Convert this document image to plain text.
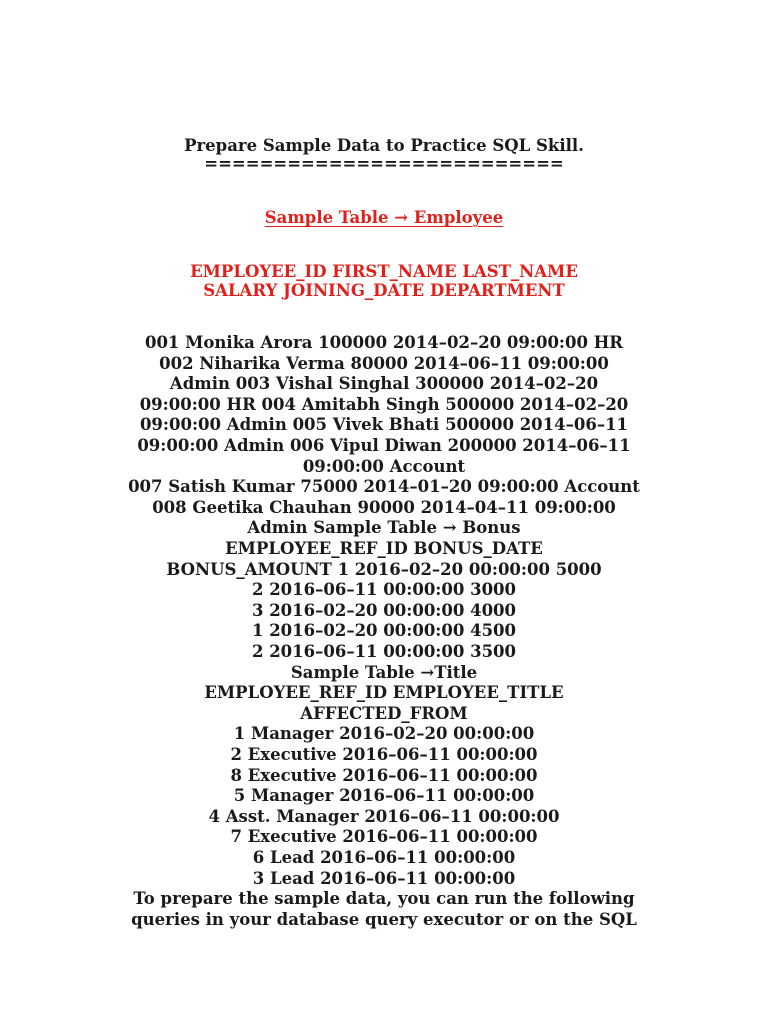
Prepare Sample Data to Practice SQL Skill.
==========================
Sample Table → Employee
EMPLOYEE_ID FIRST_NAME LAST_NAME
SALARY JOINING_DATE DEPARTMENT
001 Monika Arora 100000 2014–02–20 09:00:00 HR
002 Niharika Verma 80000 2014–06–11 09:00:00
Admin 003 Vishal Singhal 300000 2014–02–20
09:00:00 HR 004 Amitabh Singh 500000 2014–02–20
09:00:00 Admin 005 Vivek Bhati 500000 2014–06–11
09:00:00 Admin 006 Vipul Diwan 200000 2014–06–11
09:00:00 Account
007 Satish Kumar 75000 2014–01–20 09:00:00 Account
008 Geetika Chauhan 90000 2014–04–11 09:00:00
Admin Sample Table → Bonus
EMPLOYEE_REF_ID BONUS_DATE
BONUS_AMOUNT 1 2016–02–20 00:00:00 5000
2 2016–06–11 00:00:00 3000
3 2016–02–20 00:00:00 4000
1 2016–02–20 00:00:00 4500
2 2016–06–11 00:00:00 3500
Sample Table →Title
EMPLOYEE_REF_ID EMPLOYEE_TITLE
AFFECTED_FROM
1 Manager 2016–02–20 00:00:00
2 Executive 2016–06–11 00:00:00
8 Executive 2016–06–11 00:00:00
5 Manager 2016–06–11 00:00:00
4 Asst. Manager 2016–06–11 00:00:00
7 Executive 2016–06–11 00:00:00
6 Lead 2016–06–11 00:00:00
3 Lead 2016–06–11 00:00:00
To prepare the sample data, you can run the following
queries in your database query executor or on the SQL
